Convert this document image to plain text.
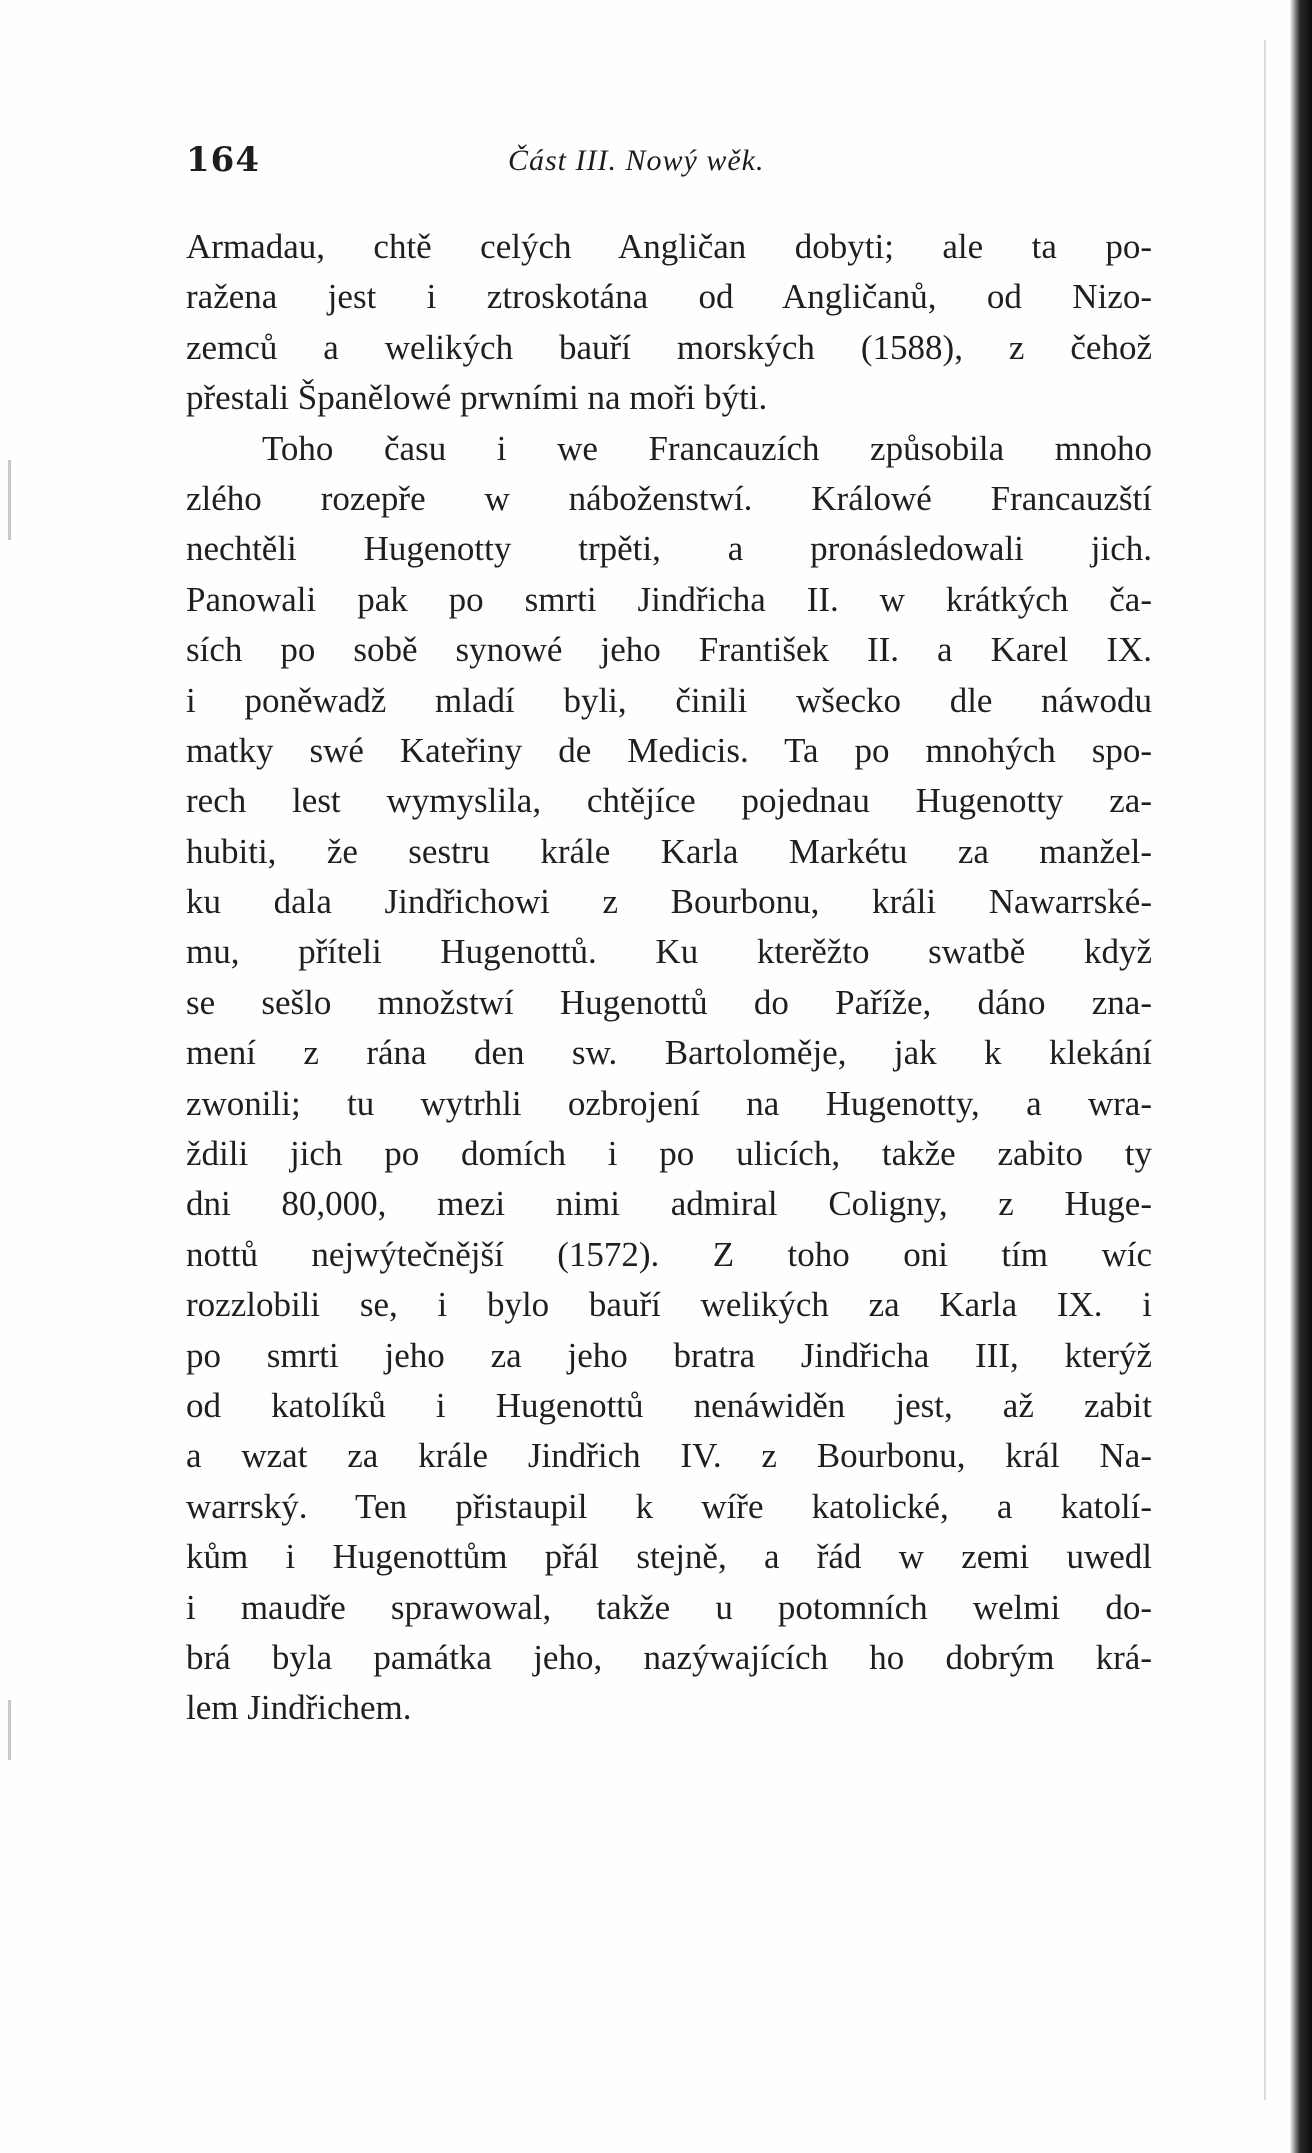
164	Část III. Nowý wěk.
Armadau, chtě celých Angličan dobyti; ale ta po-
ražena jest i ztroskotána od Angličanů, od Nizo-
zemců a welikých bauří morských (1588), z čehož
přestali Španělowé prwními na moři býti.
Toho času i we Francauzích způsobila mnoho
zlého rozepře w náboženstwí. Králowé Francauzští
nechtěli Hugenotty trpěti, a pronásledowali jich.
Panowali pak po smrti Jindřicha II. w krátkých ča-
sích po sobě synowé jeho František II. a Karel IX.
i poněwadž mladí byli, činili wšecko dle náwodu
matky swé Kateřiny de Medicis. Ta po mnohých spo-
rech lest wymyslila, chtějíce pojednau Hugenotty za-
hubiti, že sestru krále Karla Markétu za manžel-
ku dala Jindřichowi z Bourbonu, králi Nawarrské-
mu, příteli Hugenottů. Ku kterěžto swatbě když
se sešlo množstwí Hugenottů do Paříže, dáno zna-
mení z rána den sw. Bartoloměje, jak k klekání
zwonili; tu wytrhli ozbrojení na Hugenotty, a wra-
ždili jich po domích i po ulicích, takže zabito ty
dni 80,000, mezi nimi admiral Coligny, z Huge-
nottů nejwýtečnější (1572). Z toho oni tím wíc
rozzlobili se, i bylo bauří welikých za Karla IX. i
po smrti jeho za jeho bratra Jindřicha III, kterýž
od katolíků i Hugenottů nenáwiděn jest, až zabit
a wzat za krále Jindřich IV. z Bourbonu, král Na-
warrský. Ten přistaupil k wíře katolické, a katolí-
kům i Hugenottům přál stejně, a řád w zemi uwedl
i maudře sprawowal, takže u potomních welmi do-
brá byla památka jeho, nazýwajících ho dobrým krá-
lem Jindřichem.
